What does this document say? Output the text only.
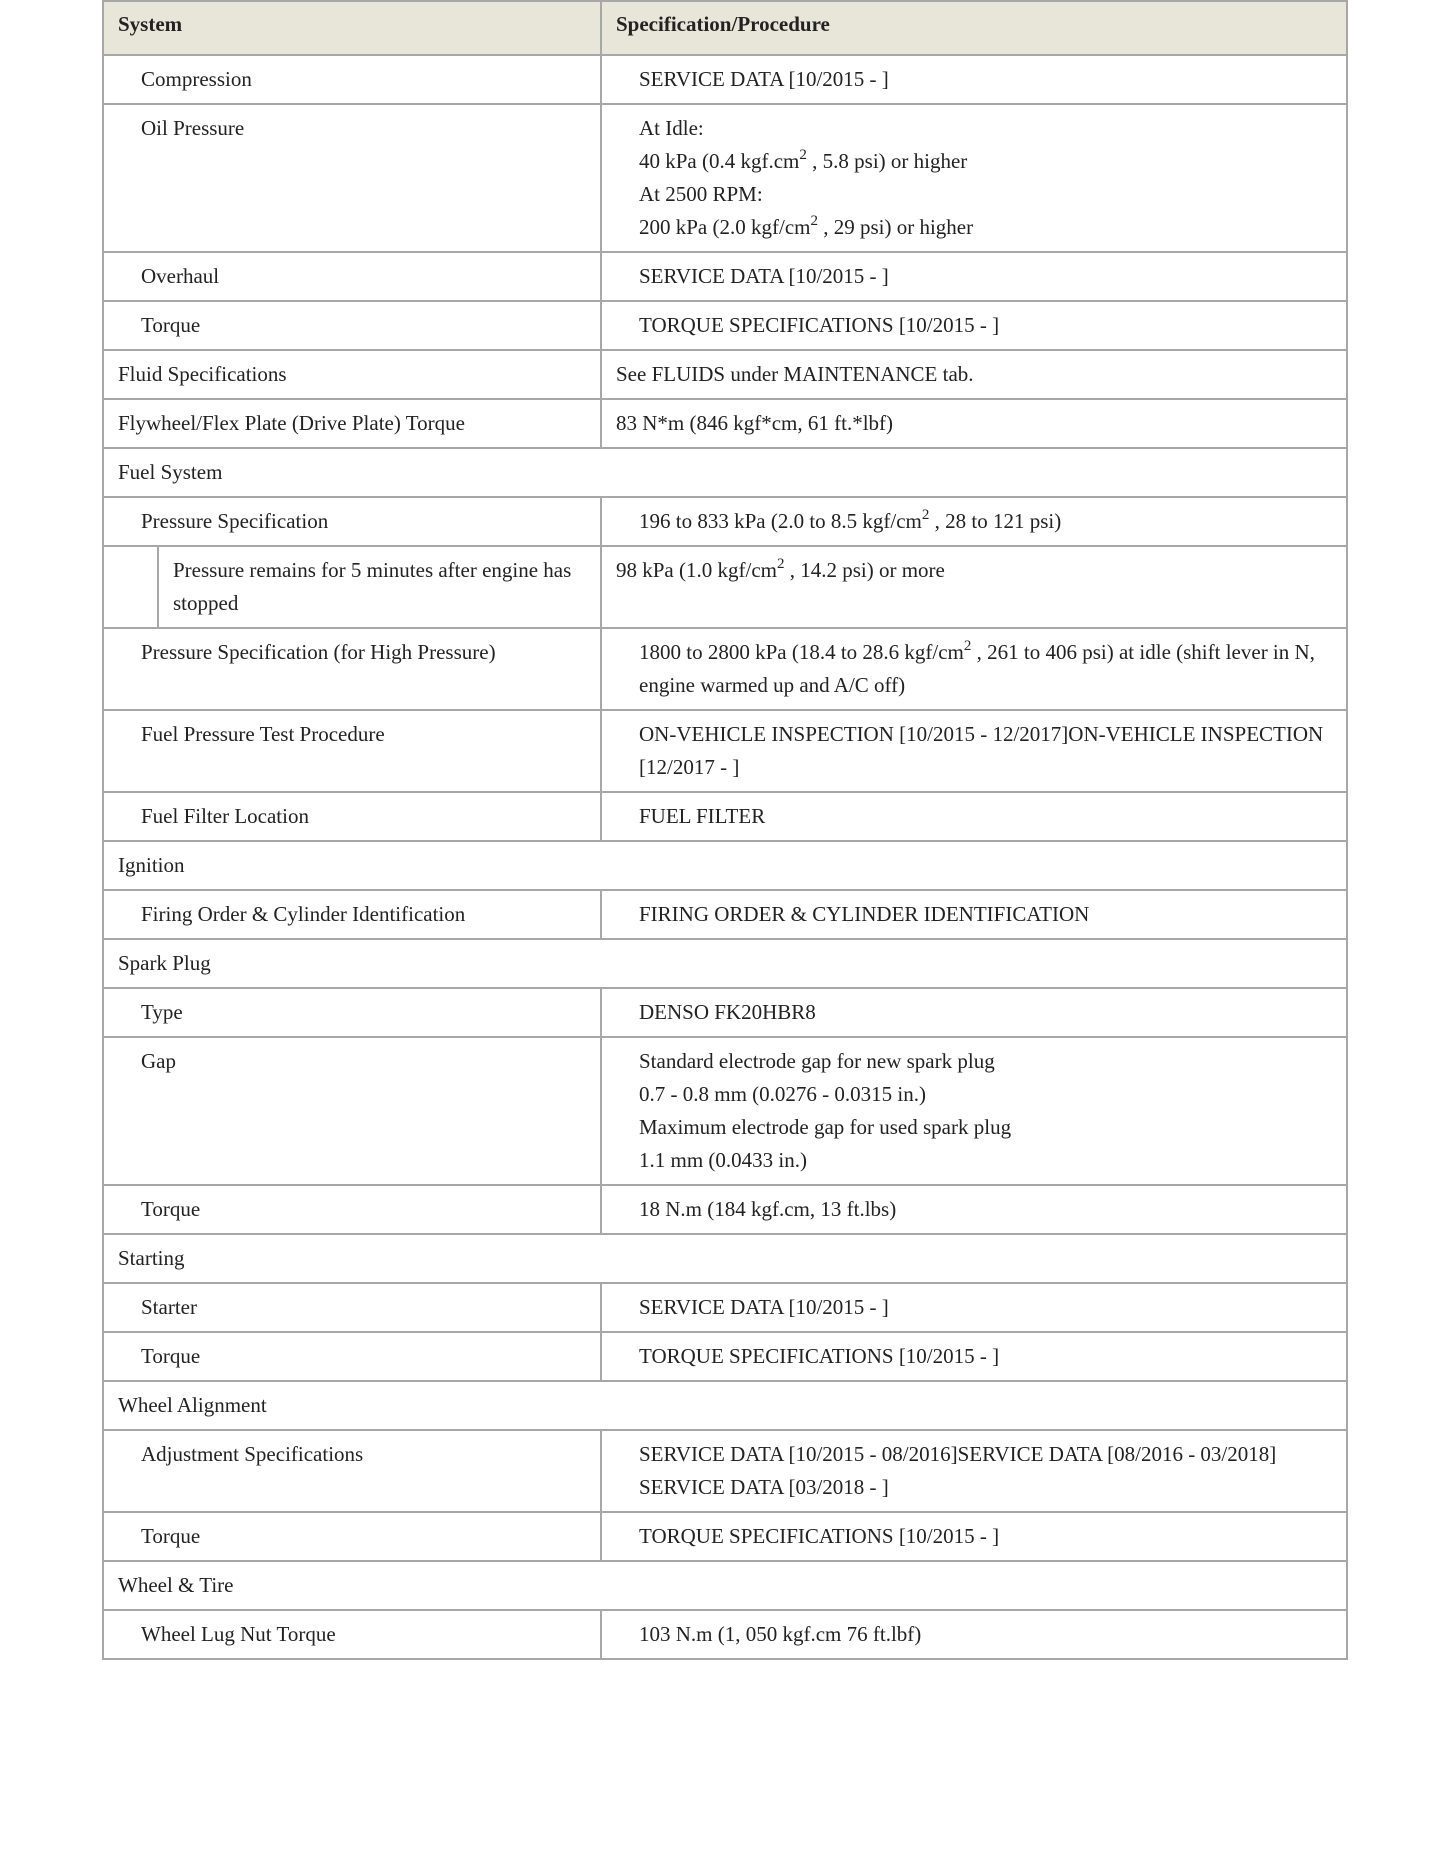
System	Specification/Procedure
Compression	SERVICE DATA [10/2015 - ]
Oil Pressure	At Idle:
40 kPa (0.4 $kgf.cm^2$ , 5.8 psi) or higher
At 2500 RPM:
200 kPa (2.0 kgf/$cm^2$ , 29 psi) or higher

Overhaul	SERVICE DATA [10/2015 - ]
Torque	TORQUE SPECIFICATIONS [10/2015 - ]
Fluid Specifications	See FLUIDS under MAINTENANCE tab.
Flywheel/Flex Plate (Drive Plate) Torque	83 N*m (846 kgf*cm, 61 ft.*lbf)
Fuel System	
Pressure Specification	196 to 833 kPa (2.0 to 8.5 kgf/$cm^2$ , 28 to 121 psi)

Pressure remains for 5 minutes after engine has stopped	98 kPa (1.0 kgf/$cm^2$ , 14.2 psi) or more
Pressure Specification (for High Pressure)	1800 to 2800 kPa (18.4 to 28.6 kgf/$cm^2$ , 261 to 406 psi) at idle (shift lever in N, engine warmed up and A/C off)
Fuel Pressure Test Procedure	ON-VEHICLE INSPECTION [10/2015 - 12/2017]ON-VEHICLE INSPECTION [12/2017 - ]
Fuel Filter Location	FUEL FILTER
Ignition	
Firing Order & Cylinder Identification	FIRING ORDER & CYLINDER IDENTIFICATION
Spark Plug	
Type	DENSO FK20HBR8
Gap	Standard electrode gap for new spark plug
0.7 - 0.8 mm (0.0276 - 0.0315 in.)
Maximum electrode gap for used spark plug
1.1 mm (0.0433 in.)

Torque	18 N.m (184 kgf.cm, 13 ft.lbs)
Starting	
Starter	SERVICE DATA [10/2015 - ]
Torque	TORQUE SPECIFICATIONS [10/2015 - ]
Wheel Alignment	
Adjustment Specifications	SERVICE DATA [10/2015 - 08/2016]SERVICE DATA [08/2016 - 03/2018] SERVICE DATA [03/2018 - ]
Torque	TORQUE SPECIFICATIONS [10/2015 - ]
Wheel & Tire	
Wheel Lug Nut Torque	103 N.m (1, 050 kgf.cm 76 ft.lbf)
